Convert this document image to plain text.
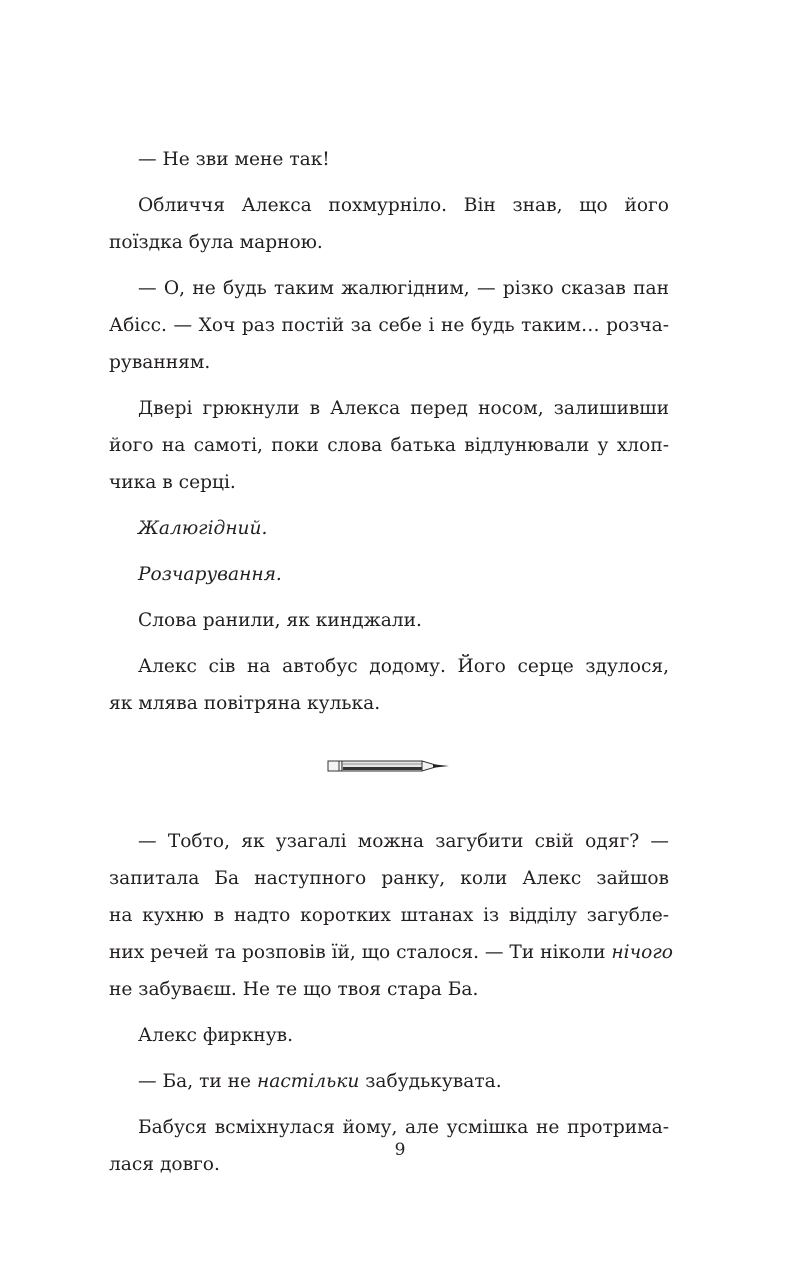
— Не зви мене так!
Обличчя Алекса похмурніло. Він знав, що його
поїздка була марною.
— О, не будь таким жалюгідним, — різко сказав пан
Абісс. — Хоч раз постій за себе і не будь таким… розча-
руванням.
Двері грюкнули в Алекса перед носом, залишивши
його на самоті, поки слова батька відлунювали у хлоп-
чика в серці.
Жалюгідний.
Розчарування.
Слова ранили, як кинджали.
Алекс сів на автобус додому. Його серце здулося,
як млява повітряна кулька.
— Тобто, як узагалі можна загубити свій одяг? —
запитала Ба наступного ранку, коли Алекс зайшов
на кухню в надто коротких штанах із відділу загубле-
них речей та розповів їй, що сталося. — Ти ніколи нічого
не забуваєш. Не те що твоя стара Ба.
Алекс фиркнув.
— Ба, ти не настільки забудькувата.
Бабуся всміхнулася йому, але усмішка не протрима-
лася довго.
9
